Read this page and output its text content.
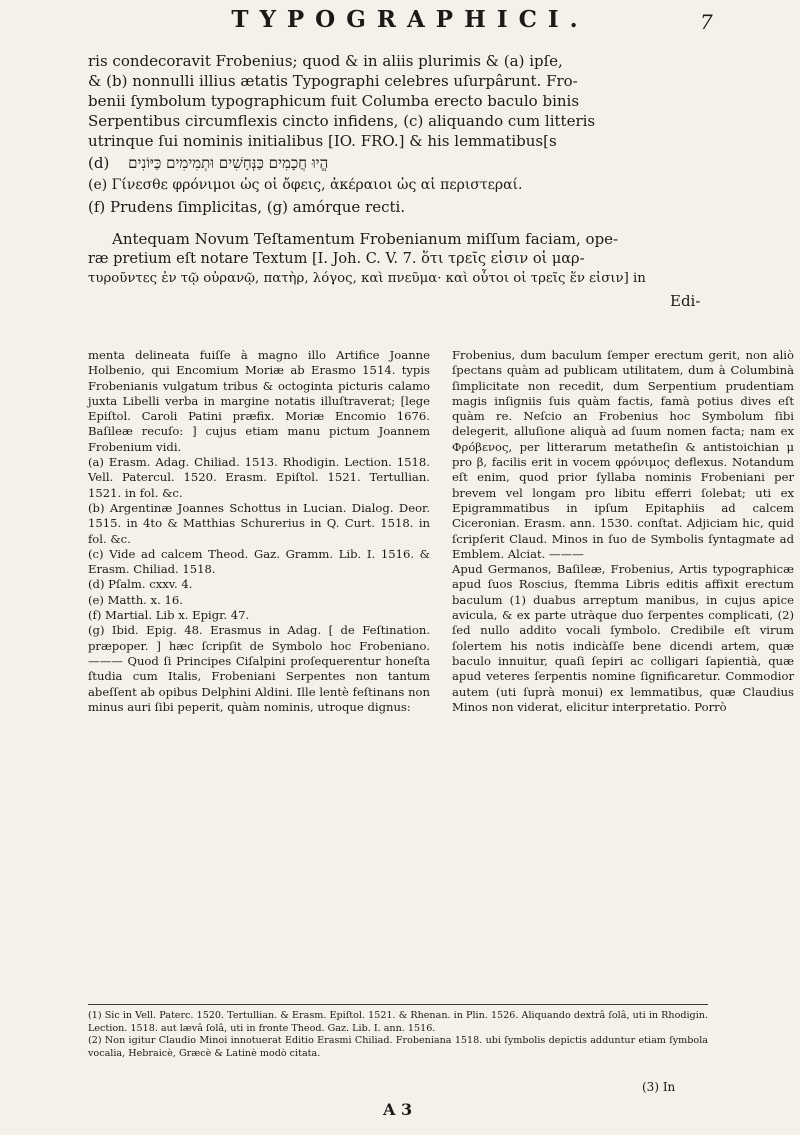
TYPOGRAPHICI.	7
ris condecoravit Frobenius; quod & in aliis plurimis & (a) ipſe,
& (b) nonnulli illius ætatis Typographi celebres uſurpârunt. Fro-
benii ſymbolum typographicum fuit Columba erecto baculo binis
Serpentibus circumflexis cincto infidens, (c) aliquando cum litteris
utrinque ſui nominis initialibus [IO. FRO.] & his lemmatibus[s
(d) הֱיוּ חֲכָמִים כַּנְּחָשִׁים וּתְמִימִים כַּיּוֹנִים
(e) Γίνεσθε φρόνιμοι ὡς οἱ ὄφεις, ἀκέραιοι ὡς αἱ περιστεραί.
(f) Prudens ſimplicitas, (g) amórque recti.
Antequam Novum Teſtamentum Frobenianum miſſum faciam, ope-
ræ pretium eſt notare Textum [I. Joh. C. V. 7. ὅτι τρεῖς εἰσιν οἱ μαρ-
τυροῦντες ἐν τῷ οὐρανῷ, πατὴρ, λόγος, καὶ πνεῦμα· καὶ οὗτοι οἱ τρεῖς ἕν εἰσιν] in
Edi-

menta delineata fuiſſe à magno illo Artifice Joanne Holbenio, qui Encomium Moriæ ab Erasmo 1514. typis Frobenianis vulgatum tribus & octoginta picturis calamo juxta Libelli verba in margine notatis illuſtraverat; [lege Epiſtol. Caroli Patini præfix. Moriæ Encomio 1676. Baſileæ recuſo: ] cujus etiam manu pictum Joannem Frobenium vidi.

(a) Erasm. Adag. Chiliad. 1513. Rhodigin. Lection. 1518. Vell. Patercul. 1520. Erasm. Epiſtol. 1521. Tertullian. 1521. in fol. &c.

(b) Argentinæ Joannes Schottus in Lucian. Dialog. Deor. 1515. in 4to & Matthias Schurerius in Q. Curt. 1518. in fol. &c.

(c) Vide ad calcem Theod. Gaz. Gramm. Lib. I. 1516. & Erasm. Chiliad. 1518.

(d) Pſalm. cxxv. 4.

(e) Matth. x. 16.

(f) Martial. Lib x. Epigr. 47.

(g) Ibid. Epig. 48. Erasmus in Adag. [ de Feſtination. præpoper. ] hæc ſcripſit de Symbolo hoc Frobeniano. ——— Quod ſi Principes Ciſalpini proſequerentur honeſta ſtudia cum Italis, Frobeniani Serpentes non tantum abeſſent ab opibus Delphini Aldini. Ille lentè feſtinans non minus auri ſibi peperit, quàm nominis, utroque dignus:

Frobenius, dum baculum ſemper erectum gerit, non aliò ſpectans quàm ad publicam utilitatem, dum à Columbinà ſimplicitate non recedit, dum Serpentium prudentiam magis inſigniis ſuis quàm factis, famà potius dives eſt quàm re. Neſcio an Frobenius hoc Symbolum ſibi delegerit, alluſione aliquà ad ſuum nomen facta; nam ex Φρόβενος, per litterarum metatheſin & antistoichian μ pro β, facilis erit in vocem φρόνιμος deflexus. Notandum eſt enim, quod prior ſyllaba nominis Frobeniani per brevem vel longam pro libitu efferri ſolebat; uti ex Epigrammatibus in ipſum Epitaphiis ad calcem Ciceronian. Erasm. ann. 1530. conſtat. Adjiciam hic, quid ſcripſerit Claud. Minos in ſuo de Symbolis ſyntagmate ad Emblem. Alciat. ———

Apud Germanos, Baſileæ, Frobenius, Artis typographicæ apud ſuos Roscius, ſtemma Libris editis affixit erectum baculum (1) duabus arreptum manibus, in cujus apice avicula, & ex parte utràque duo ſerpentes complicati, (2) ſed nullo addito vocali ſymbolo. Credibile eſt virum ſolertem his notis indicàſſe bene dicendi artem, quæ baculo innuitur, quaſi ſepiri ac colligari ſapientià, quæ apud veteres ſerpentis nomine ſignificaretur. Commodior autem (uti ſuprà monui) ex lemmatibus, quæ Claudius Minos non viderat, elicitur interpretatio. Porrò

(1) Sic in Vell. Paterc. 1520. Tertullian. & Erasm. Epiſtol. 1521. & Rhenan. in Plin. 1526. Aliquando dextrâ ſolâ, uti in Rhodigin. Lection. 1518. aut lævâ ſolâ, uti in fronte Theod. Gaz. Lib. I. ann. 1516.

(2) Non igitur Claudio Minoi innotuerat Editio Erasmi Chiliad. Frobeniana 1518. ubi ſymbolis depictis adduntur etiam ſymbola vocalia, Hebraicè, Græcè & Latinè modò citata.

(3) In
A 3
